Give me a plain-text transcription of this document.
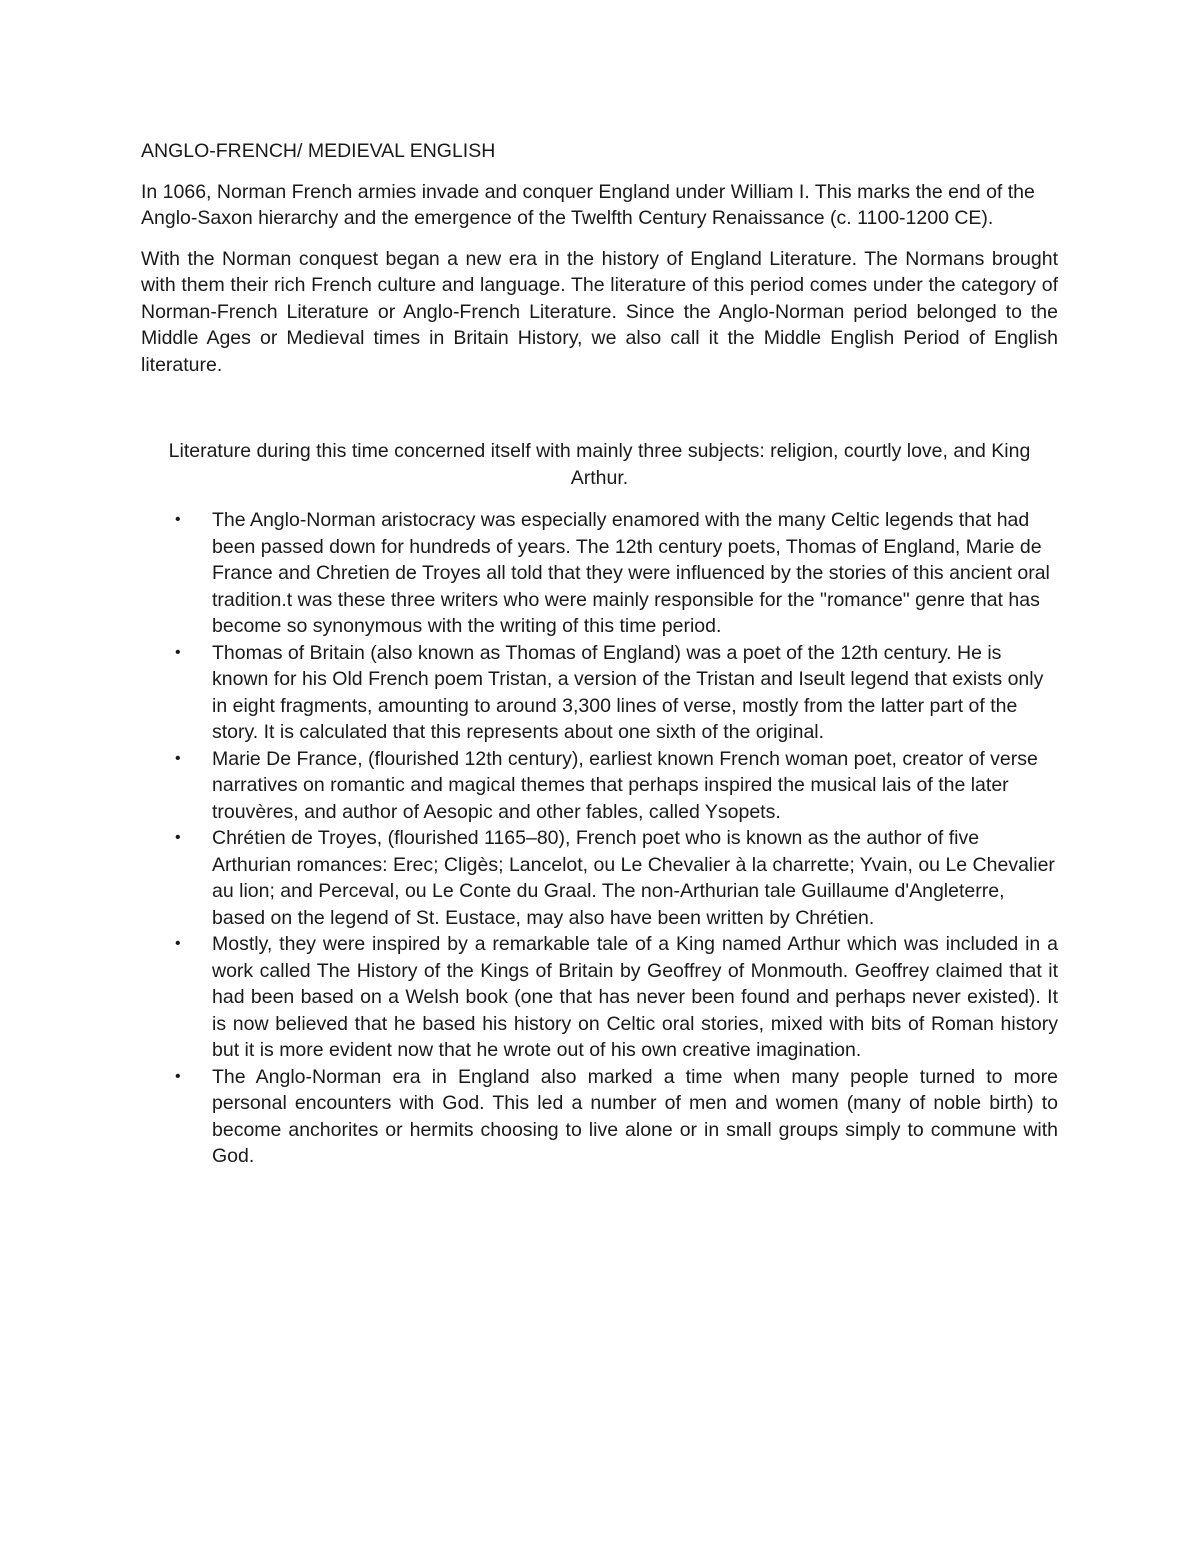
ANGLO-FRENCH/ MEDIEVAL ENGLISH

In 1066, Norman French armies invade and conquer England under William I. This marks the end of the Anglo-Saxon hierarchy and the emergence of the Twelfth Century Renaissance (c. 1100-1200 CE).

With the Norman conquest began a new era in the history of England Literature. The Normans brought with them their rich French culture and language. The literature of this period comes under the category of Norman-French Literature or Anglo-French Literature. Since the Anglo-Norman period belonged to the Middle Ages or Medieval times in Britain History, we also call it the Middle English Period of English literature.

Literature during this time concerned itself with mainly three subjects: religion, courtly love, and King Arthur.

• The Anglo-Norman aristocracy was especially enamored with the many Celtic legends that had been passed down for hundreds of years. The 12th century poets, Thomas of England, Marie de France and Chretien de Troyes all told that they were influenced by the stories of this ancient oral tradition.t was these three writers who were mainly responsible for the "romance" genre that has become so synonymous with the writing of this time period.
• Thomas of Britain (also known as Thomas of England) was a poet of the 12th century. He is known for his Old French poem Tristan, a version of the Tristan and Iseult legend that exists only in eight fragments, amounting to around 3,300 lines of verse, mostly from the latter part of the story. It is calculated that this represents about one sixth of the original.
• Marie De France, (flourished 12th century), earliest known French woman poet, creator of verse narratives on romantic and magical themes that perhaps inspired the musical lais of the later trouvères, and author of Aesopic and other fables, called Ysopets.
• Chrétien de Troyes, (flourished 1165–80), French poet who is known as the author of five Arthurian romances: Erec; Cligès; Lancelot, ou Le Chevalier à la charrette; Yvain, ou Le Chevalier au lion; and Perceval, ou Le Conte du Graal. The non-Arthurian tale Guillaume d'Angleterre, based on the legend of St. Eustace, may also have been written by Chrétien.
• Mostly, they were inspired by a remarkable tale of a King named Arthur which was included in a work called The History of the Kings of Britain by Geoffrey of Monmouth. Geoffrey claimed that it had been based on a Welsh book (one that has never been found and perhaps never existed). It is now believed that he based his history on Celtic oral stories, mixed with bits of Roman history but it is more evident now that he wrote out of his own creative imagination.
• The Anglo-Norman era in England also marked a time when many people turned to more personal encounters with God. This led a number of men and women (many of noble birth) to become anchorites or hermits choosing to live alone or in small groups simply to commune with God.
